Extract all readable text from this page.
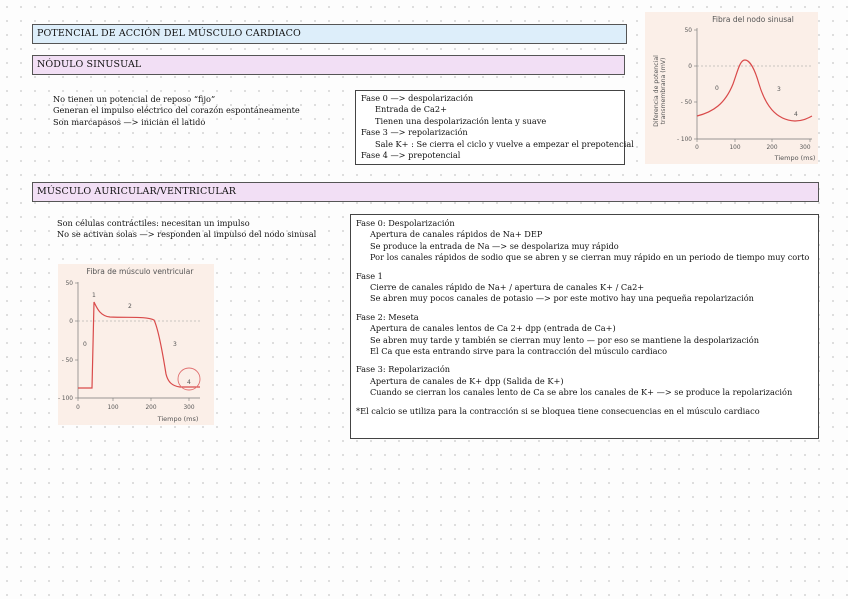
POTENCIAL DE ACCIÓN DEL MÚSCULO CARDIACO
NÓDULO SINUSUAL
MÚSCULO AURICULAR/VENTRICULAR
No tienen un potencial de reposo “fijo”
Generan el impulso eléctrico del corazón espontáneamente
Son marcapasos —> inician el latido
Fase 0 —> despolarización
Entrada de Ca2+
Tienen una despolarización lenta y suave
Fase 3 —> repolarización
Sale K+ : Se cierra el ciclo y vuelve a empezar el prepotencial
Fase 4 —> prepotencial
Fibra del nodo sinusal
Diferencia de potencial transmembrana (mV)
50
0
- 50
- 100
0	100	200	300
Tiempo (ms)
0	3
4
Son células contráctiles: necesitan un impulso
No se activan solas —> responden al impulso del nodo sinusal
Fibra de músculo ventricular
50
0
- 50
- 100
0	100	200	300
Tiempo (ms)
1
2
0	3
4
Fase 0: Despolarización
Apertura de canales rápidos de Na+ DEP
Se produce la entrada de Na —> se despolariza muy rápido
Por los canales rápidos de sodio que se abren y se cierran muy rápido en un periodo de tiempo muy corto
Fase 1
Cierre de canales rápido de Na+ / apertura de canales K+ / Ca2+
Se abren muy pocos canales de potasio —> por este motivo hay una pequeña repolarización
Fase 2: Meseta
Apertura de canales lentos de Ca 2+ dpp (entrada de Ca+)
Se abren muy tarde y también se cierran muy lento — por eso se mantiene la despolarización
El Ca que esta entrando sirve para la contracción del músculo cardiaco
Fase 3: Repolarización
Apertura de canales de K+ dpp (Salida de K+)
Cuando se cierran los canales lento de Ca se abre los canales de K+ —> se produce la repolarización
*El calcio se utiliza para la contracción si se bloquea tiene consecuencias en el músculo cardiaco
